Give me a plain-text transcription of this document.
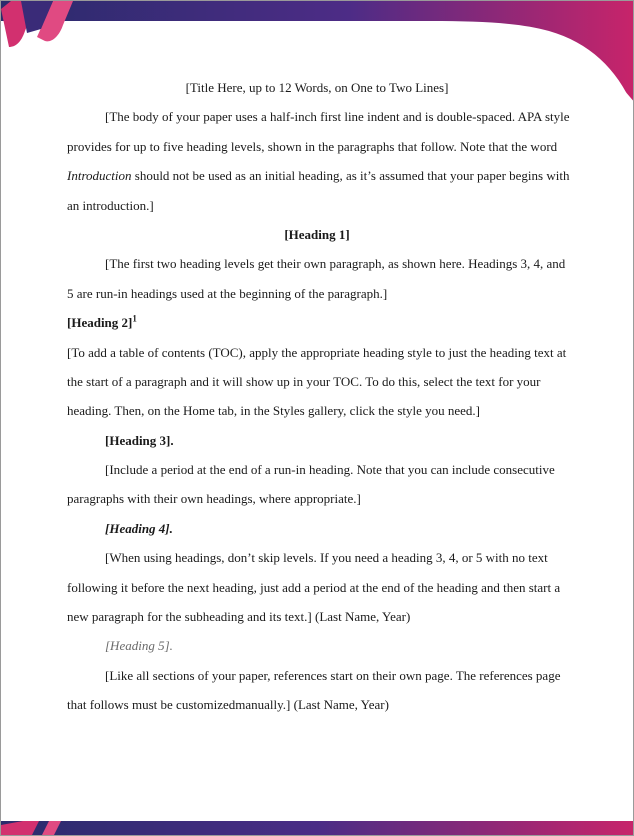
[Title Here, up to 12 Words, on One to Two Lines]
[The body of your paper uses a half-inch first line indent and is double-spaced. APA style
provides for up to five heading levels, shown in the paragraphs that follow. Note that the word
Introduction should not be used as an initial heading, as it’s assumed that your paper begins with
an introduction.]
[Heading 1]
[The first two heading levels get their own paragraph, as shown here. Headings 3, 4, and
5 are run-in headings used at the beginning of the paragraph.]
[Heading 2]$^1$
[To add a table of contents (TOC), apply the appropriate heading style to just the heading text at
the start of a paragraph and it will show up in your TOC. To do this, select the text for your
heading. Then, on the Home tab, in the Styles gallery, click the style you need.]
[Heading 3].
[Include a period at the end of a run-in heading. Note that you can include consecutive
paragraphs with their own headings, where appropriate.]
[Heading 4].
[When using headings, don’t skip levels. If you need a heading 3, 4, or 5 with no text
following it before the next heading, just add a period at the end of the heading and then start a
new paragraph for the subheading and its text.] (Last Name, Year)
[Heading 5].
[Like all sections of your paper, references start on their own page. The references page
that follows must be customizedmanually.] (Last Name, Year)
